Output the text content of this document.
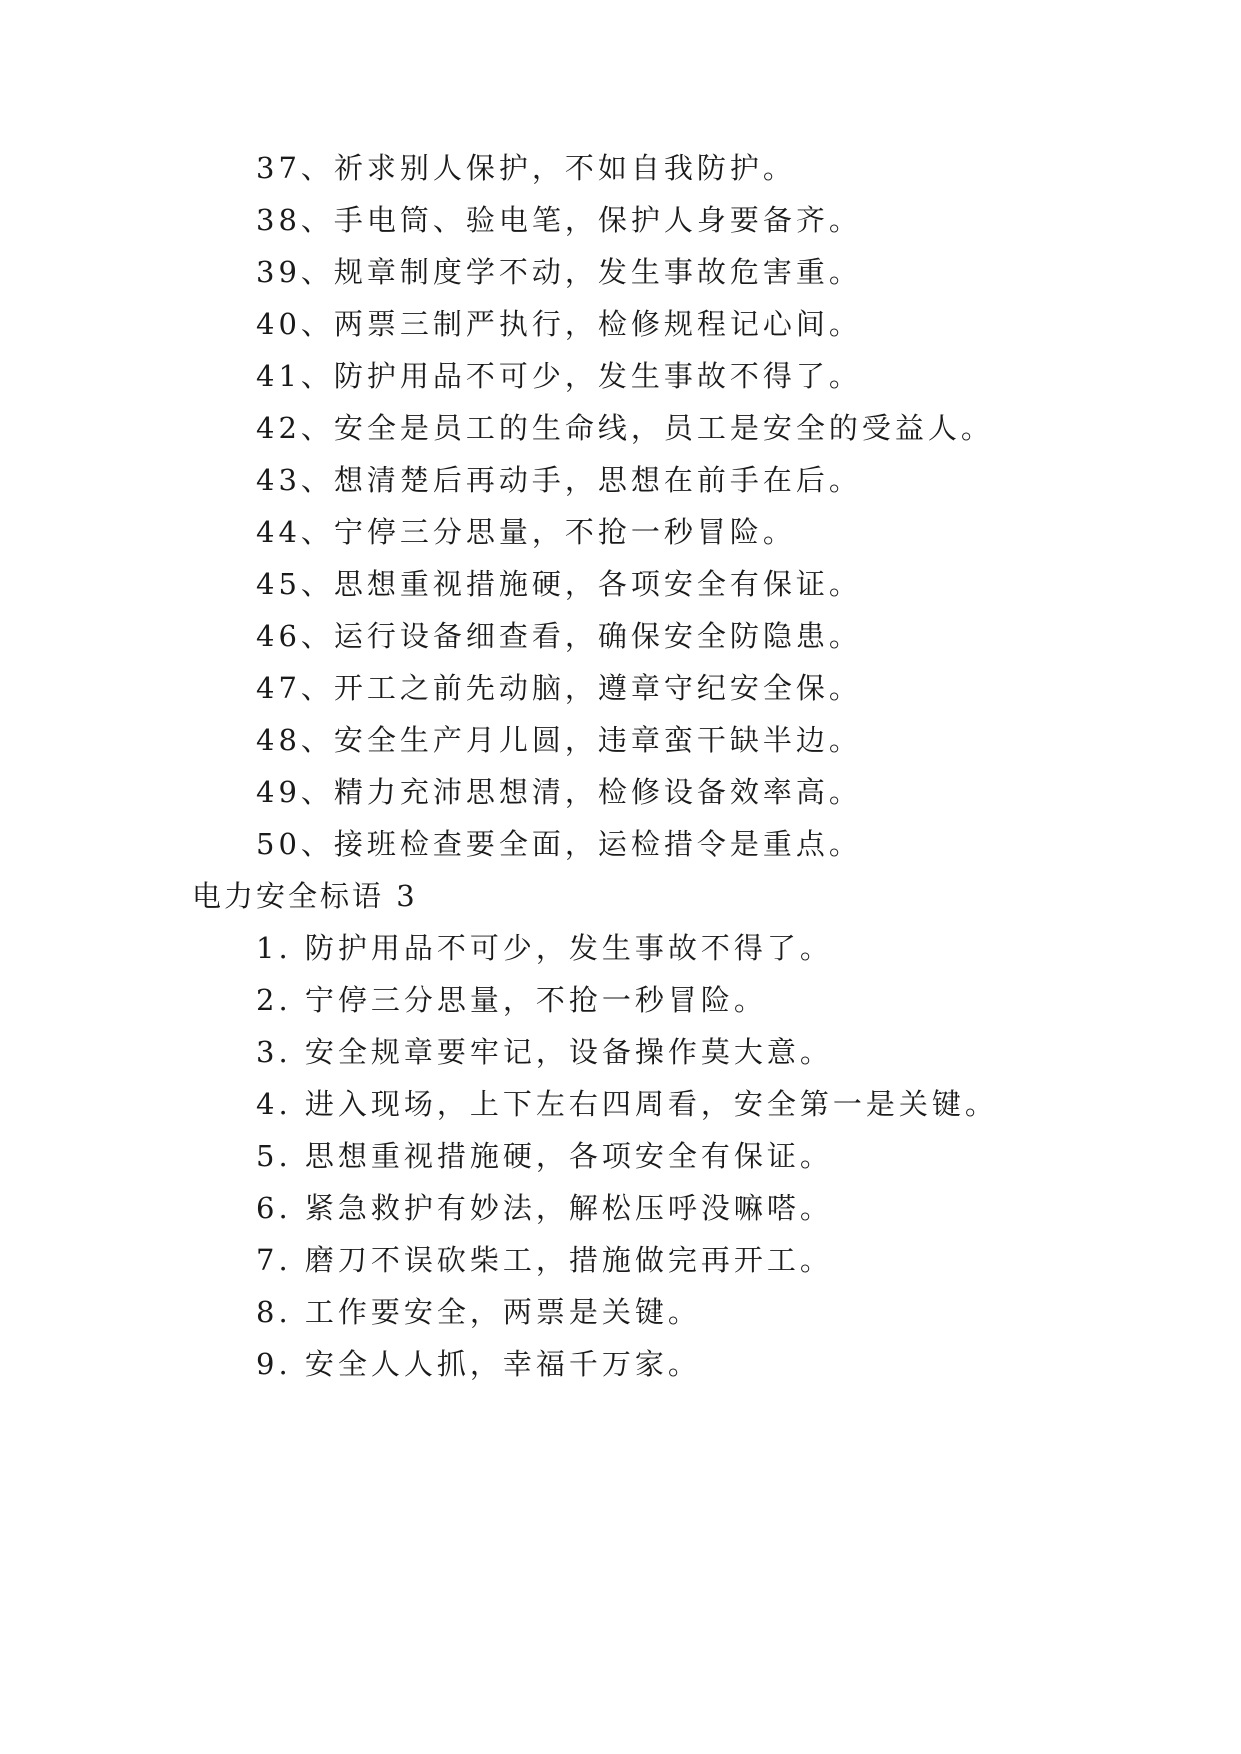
37、祈求别人保护，不如自我防护。
38、手电筒、验电笔，保护人身要备齐。
39、规章制度学不动，发生事故危害重。
40、两票三制严执行，检修规程记心间。
41、防护用品不可少，发生事故不得了。
42、安全是员工的生命线，员工是安全的受益人。
43、想清楚后再动手，思想在前手在后。
44、宁停三分思量，不抢一秒冒险。
45、思想重视措施硬，各项安全有保证。
46、运行设备细查看，确保安全防隐患。
47、开工之前先动脑，遵章守纪安全保。
48、安全生产月儿圆，违章蛮干缺半边。
49、精力充沛思想清，检修设备效率高。
50、接班检查要全面，运检措令是重点。
电力安全标语 3
1. 防护用品不可少，发生事故不得了。
2. 宁停三分思量，不抢一秒冒险。
3. 安全规章要牢记，设备操作莫大意。
4. 进入现场，上下左右四周看，安全第一是关键。
5. 思想重视措施硬，各项安全有保证。
6. 紧急救护有妙法，解松压呼没嘛嗒。
7. 磨刀不误砍柴工，措施做完再开工。
8. 工作要安全，两票是关键。
9. 安全人人抓，幸福千万家。
